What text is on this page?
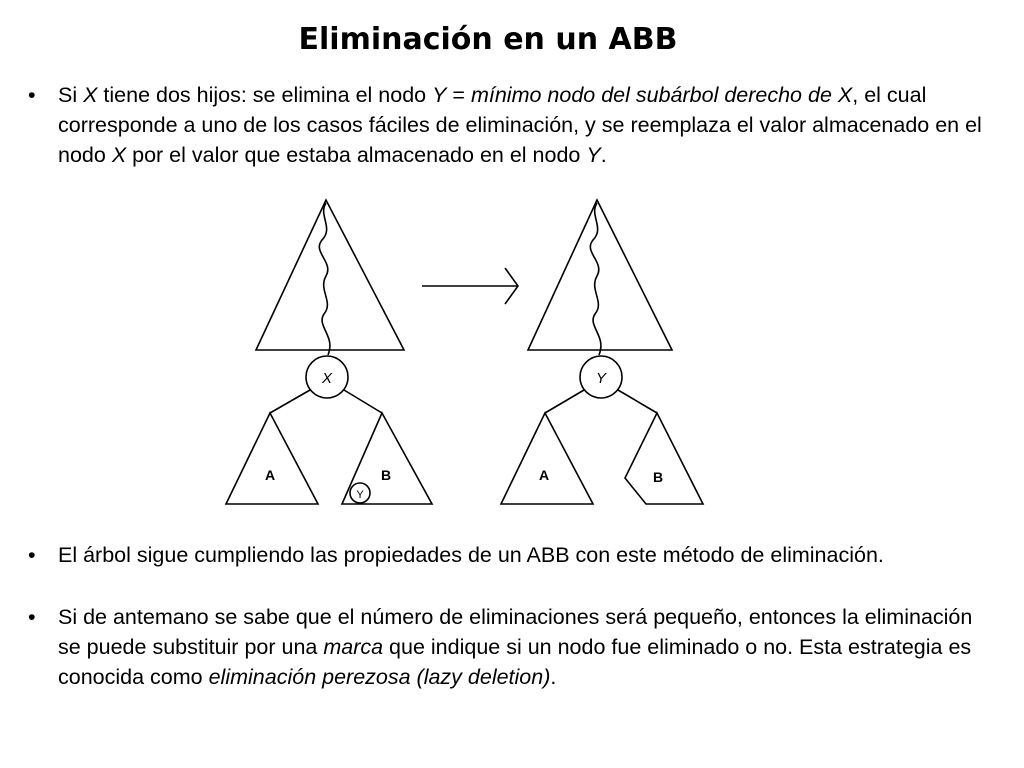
Eliminación en un ABB
• Si X tiene dos hijos: se elimina el nodo Y = mínimo nodo del subárbol derecho de X, el cual corresponde a uno de los casos fáciles de eliminación, y se reemplaza el valor almacenado en el nodo X por el valor que estaba almacenado en el nodo Y.
X
A	B
Y
Y
A	B
• El árbol sigue cumpliendo las propiedades de un ABB con este método de eliminación.
• Si de antemano se sabe que el número de eliminaciones será pequeño, entonces la eliminación se puede substituir por una marca que indique si un nodo fue eliminado o no. Esta estrategia es conocida como eliminación perezosa (lazy deletion).
